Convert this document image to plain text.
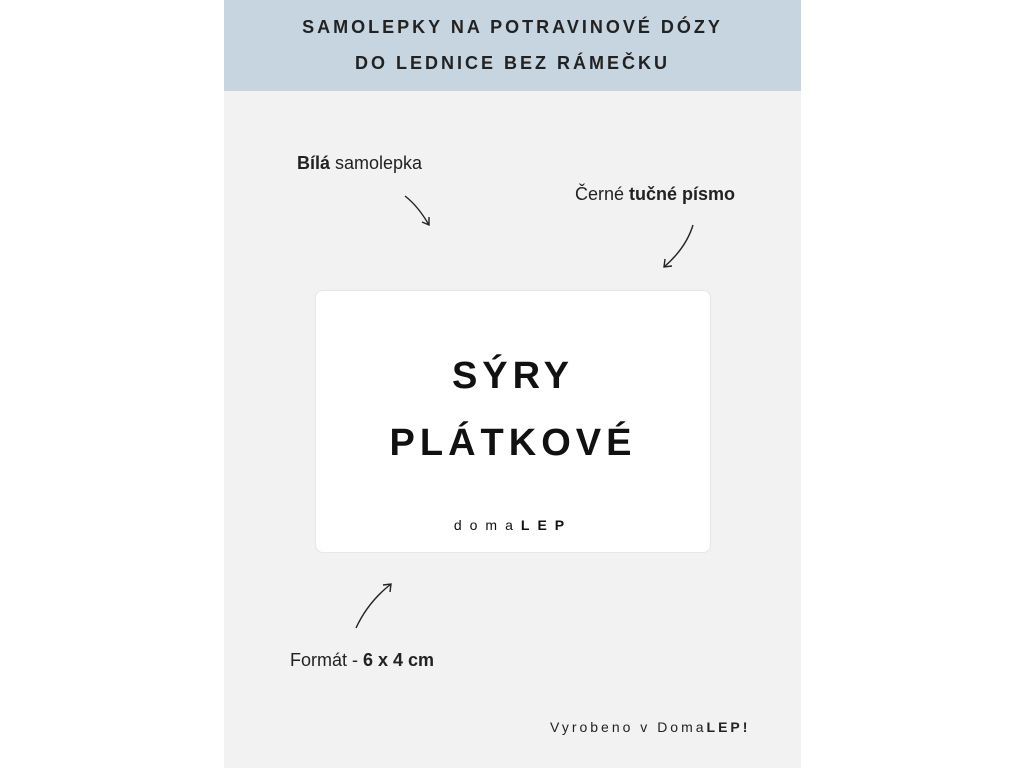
SAMOLEPKY NA POTRAVINOVÉ DÓZY
DO LEDNICE BEZ RÁMEČKU
Bílá samolepka
Černé tučné písmo
SÝRY
PLÁTKOVÉ
domaLEP
Formát - 6 x 4 cm
Vyrobeno v DomaLEP!
